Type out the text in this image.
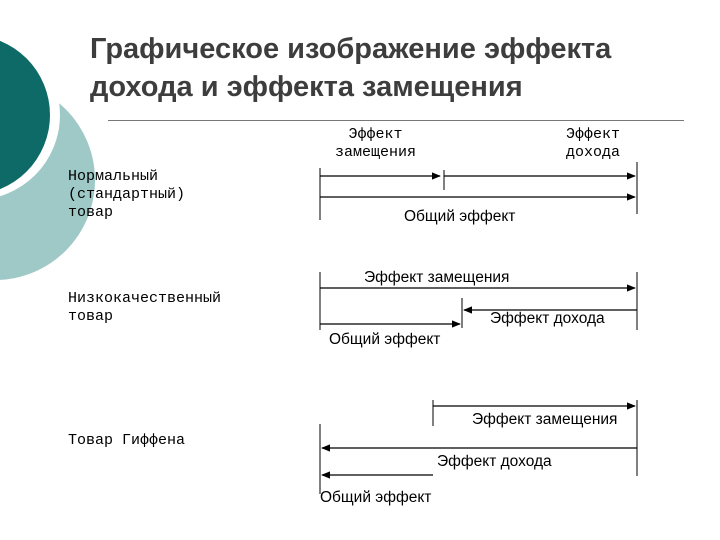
Графическое изображение эффекта
дохода и эффекта замещения
Нормальный
(стандартный)
товар
Низкокачественный
товар
Товар Гиффена
Эффект
замещения
Эффект
дохода
Общий эффект
Эффект замещения
Эффект дохода
Общий эффект
Эффект замещения
Эффект дохода
Общий эффект
